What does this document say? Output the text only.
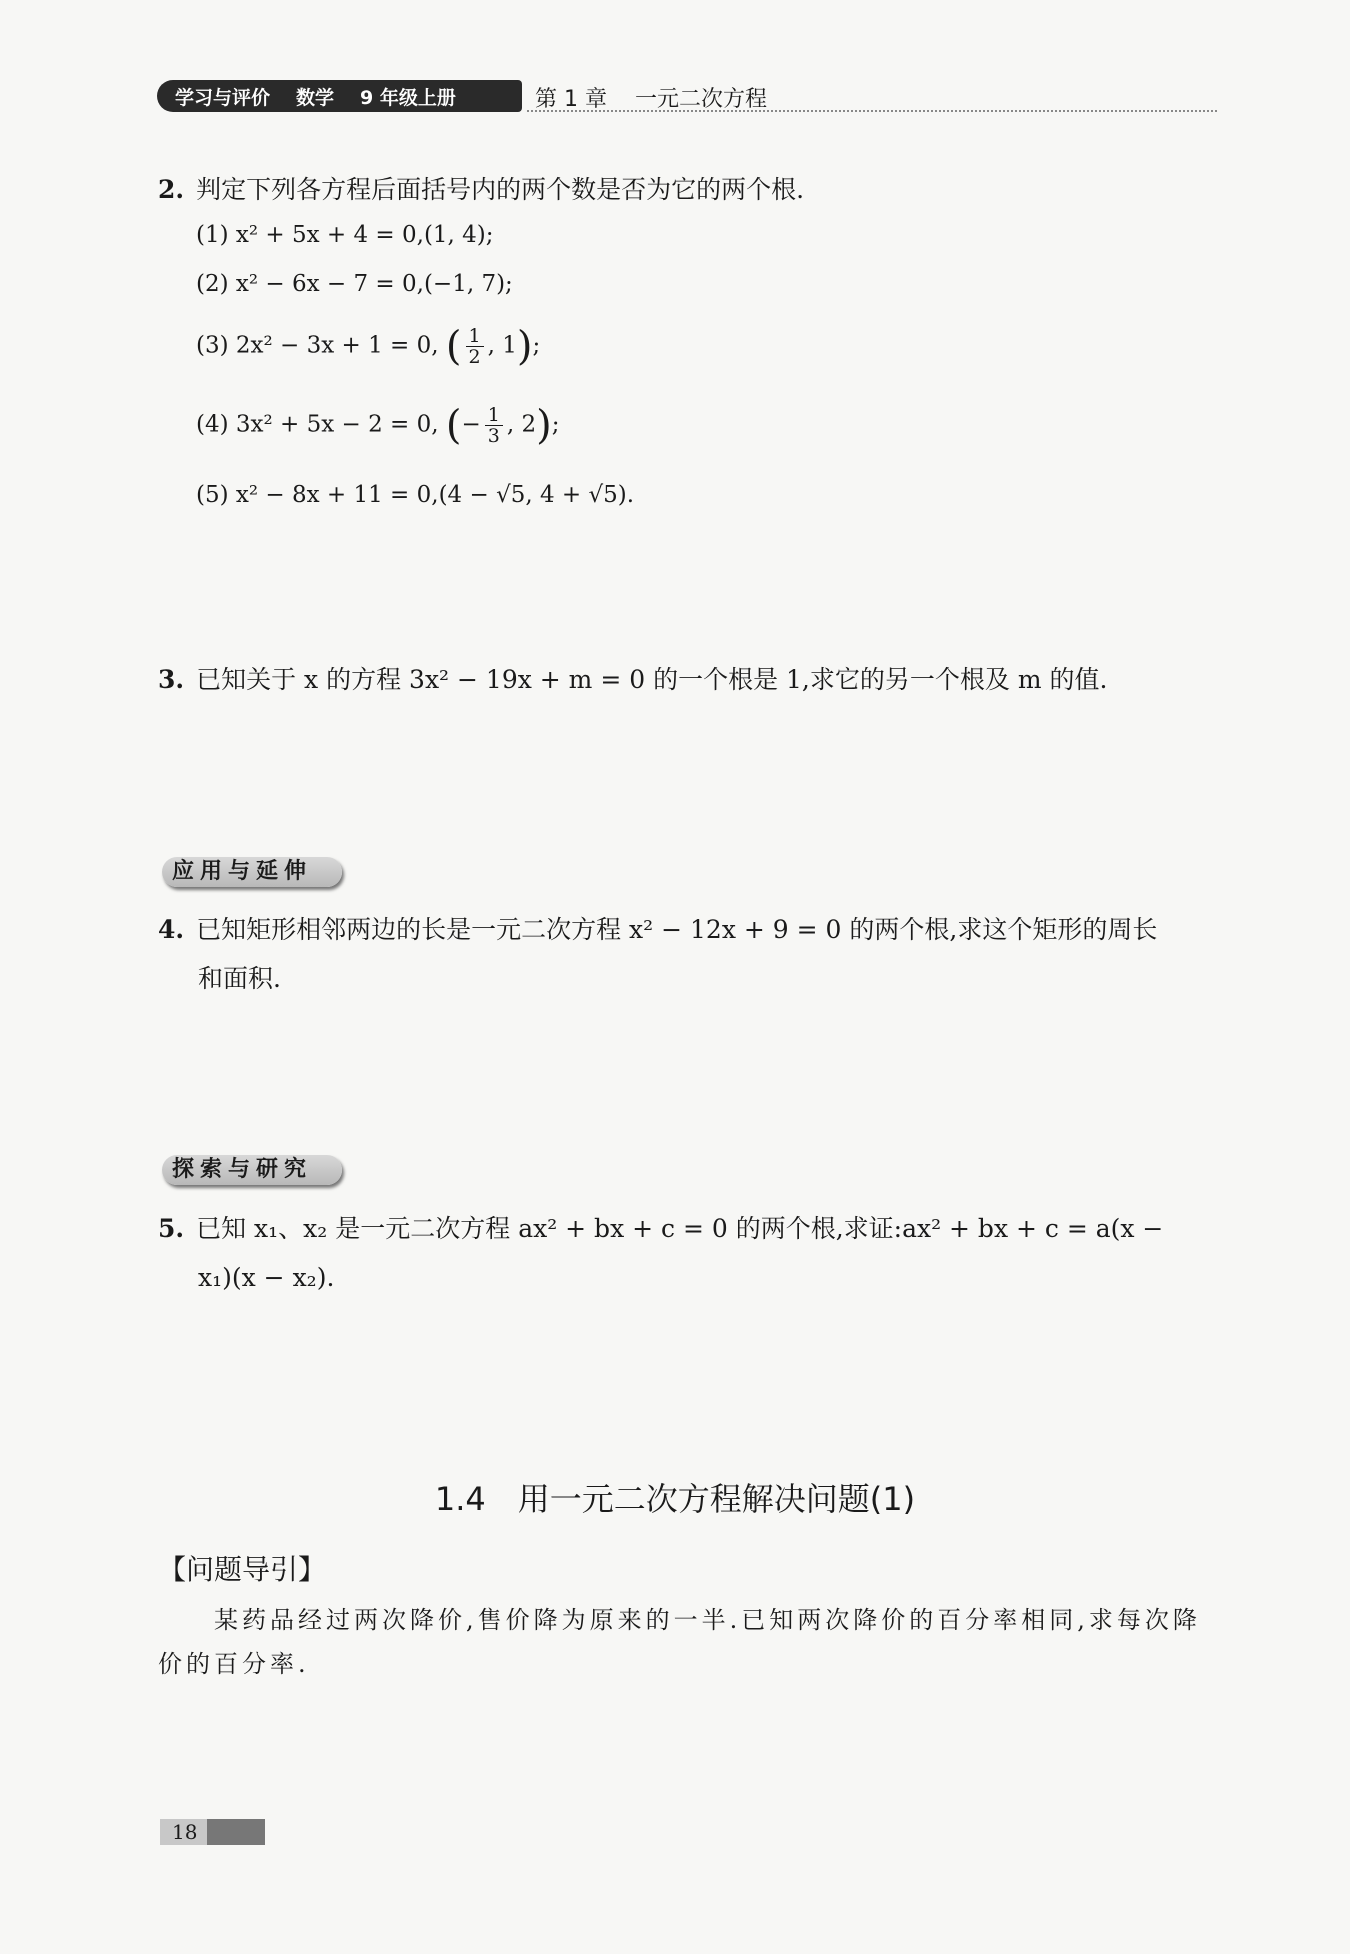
学习与评价 数学 9 年级上册	第 1 章 一元二次方程
2. 判定下列各方程后面括号内的两个数是否为它的两个根.
(1) x² + 5x + 4 = 0,(1, 4);
(2) x² − 6x − 7 = 0,(−1, 7);
(3) 2x² − 3x + 1 = 0, ( $\frac{1}{2}$ , 1);
(4) 3x² + 5x − 2 = 0, (− $\frac{1}{3}$ , 2);
(5) x² − 8x + 11 = 0,(4 − √5, 4 + √5).
3. 已知关于 x 的方程 3x² − 19x + m = 0 的一个根是 1,求它的另一个根及 m 的值.
应用与延伸
4. 已知矩形相邻两边的长是一元二次方程 x² − 12x + 9 = 0 的两个根,求这个矩形的周长
和面积.
探索与研究
5. 已知 x₁、x₂ 是一元二次方程 ax² + bx + c = 0 的两个根,求证:ax² + bx + c = a(x −
x₁)(x − x₂).
1.4　用一元二次方程解决问题(1)
【问题导引】
某药品经过两次降价,售价降为原来的一半.已知两次降价的百分率相同,求每次降价的百分率.
18
